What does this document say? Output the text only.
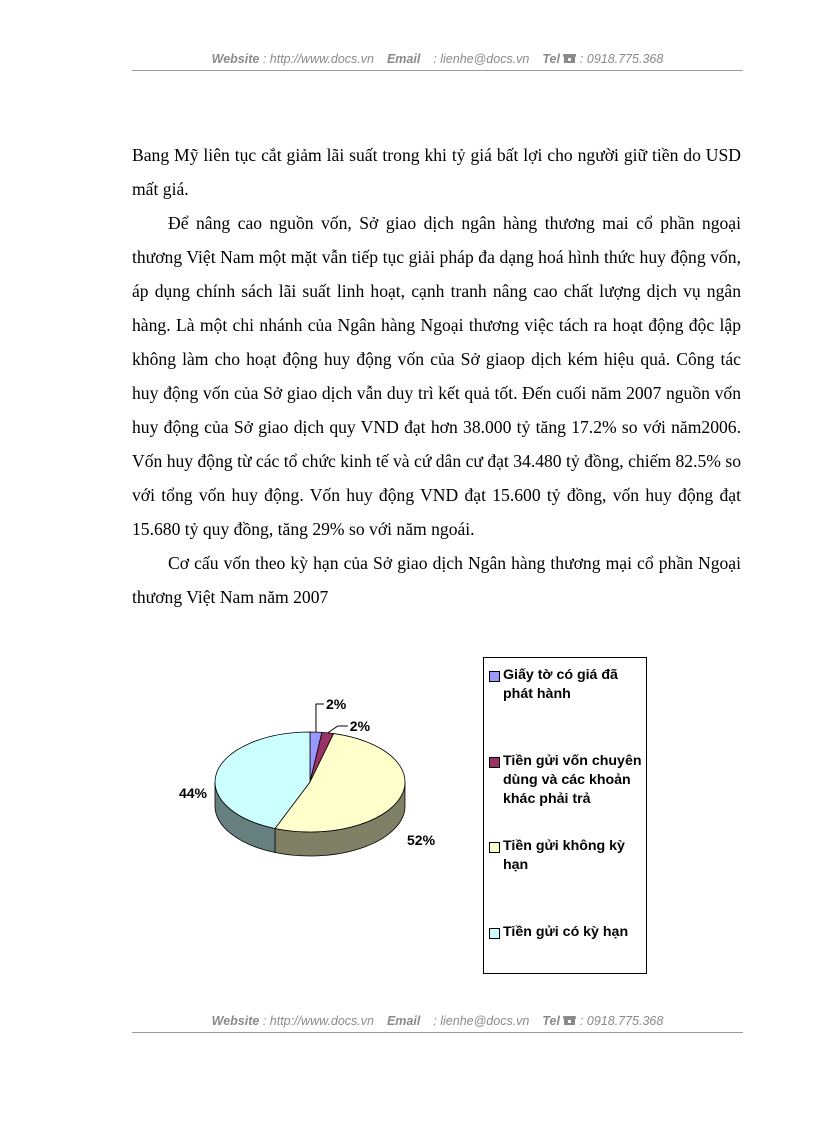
Website : http://www.docs.vn Email : lienhe@docs.vn Tel : 0918.775.368

Bang Mỹ liên tục cắt giảm lãi suất trong khi tỷ giá bất lợi cho người giữ tiền do USD mất giá.

Để nâng cao nguồn vốn, Sở giao dịch ngân hàng thương mai cổ phần ngoại thương Việt Nam một mặt vẫn tiếp tục giải pháp đa dạng hoá hình thức huy động vốn, áp dụng chính sách lãi suất linh hoạt, cạnh tranh nâng cao chất lượng dịch vụ ngân hàng. Là một chi nhánh của Ngân hàng Ngoại thương việc tách ra hoạt động độc lập không làm cho hoạt động huy động vốn của Sở giaop dịch kém hiệu quả. Công tác huy động vốn của Sở giao dịch vẫn duy trì kết quả tốt. Đến cuối năm 2007 nguồn vốn huy động của Sở giao dịch quy VND đạt hơn 38.000 tỷ tăng 17.2% so với năm2006. Vốn huy động từ các tổ chức kinh tế và cứ dân cư đạt 34.480 tỷ đồng, chiếm 82.5% so với tổng vốn huy động. Vốn huy động VND đạt 15.600 tỷ đồng, vốn huy động đạt 15.680 tỷ quy đồng, tăng 29% so với năm ngoái.

Cơ cấu vốn theo kỳ hạn của Sở giao dịch Ngân hàng thương mại cổ phần Ngoại thương Việt Nam năm 2007

2%
2%
52%
44%
Giấy tờ có giá đã phát hành
Tiền gửi vốn chuyên dùng và các khoản khác phải trả
Tiền gửi không kỳ hạn
Tiền gửi có kỳ hạn
Website : http://www.docs.vn Email : lienhe@docs.vn Tel : 0918.775.368
